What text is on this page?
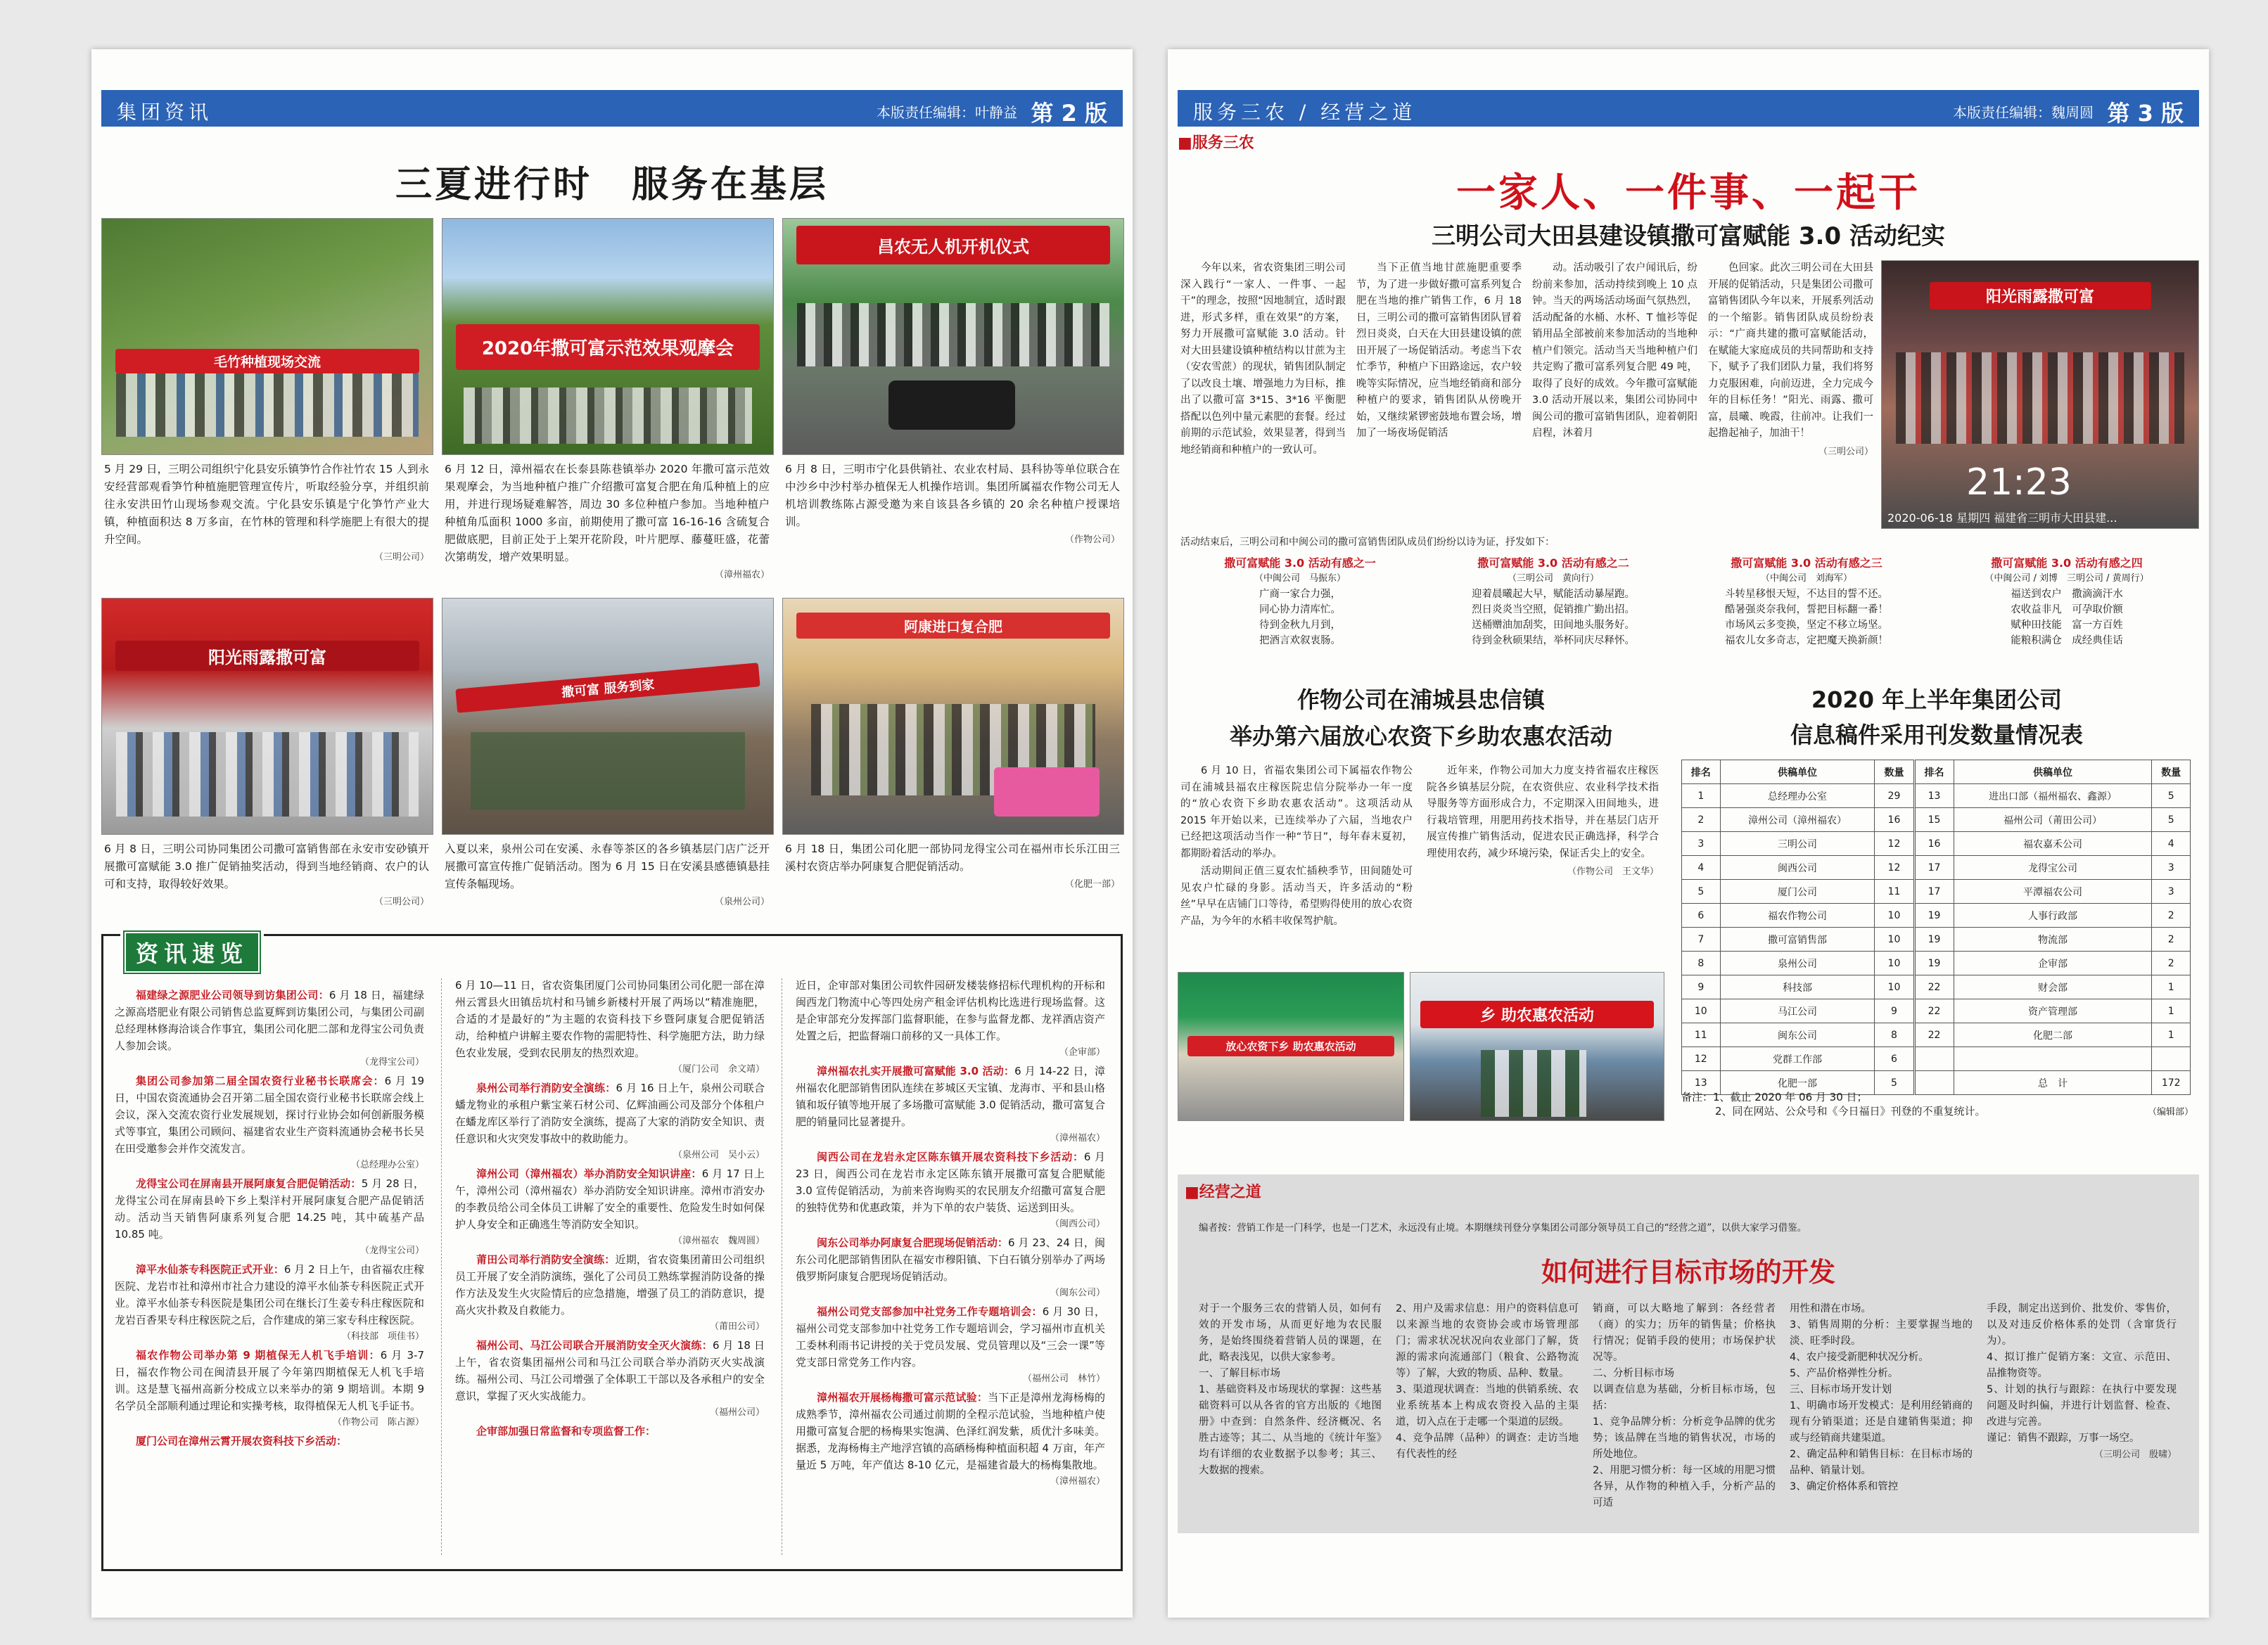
集团资讯	本版责任编辑：叶静益 第 2 版
三夏进行时　服务在基层
毛竹种植现场交流
2020年撒可富示范效果观摩会
昌农无人机开机仪式
5 月 29 日，三明公司组织宁化县安乐镇笋竹合作社竹农 15 人到永安经营部观看笋竹种植施肥管理宣传片，听取经验分享，并组织前往永安洪田竹山现场参观交流。宁化县安乐镇是宁化笋竹产业大镇，种植面积达 8 万多亩，在竹林的管理和科学施肥上有很大的提升空间。
（三明公司）
6 月 12 日，漳州福农在长泰县陈巷镇举办 2020 年撒可富示范效果观摩会，为当地种植户推广介绍撒可富复合肥在角瓜种植上的应用，并进行现场疑难解答，周边 30 多位种植户参加。当地种植户种植角瓜面积 1000 多亩，前期使用了撒可富 16-16-16 含硫复合肥做底肥，目前正处于上架开花阶段，叶片肥厚、藤蔓旺盛，花蕾次第萌发，增产效果明显。
（漳州福农）
6 月 8 日，三明市宁化县供销社、农业农村局、县科协等单位联合在中沙乡中沙村举办植保无人机操作培训。集团所属福农作物公司无人机培训教练陈占源受邀为来自该县各乡镇的 20 余名种植户授课培训。
（作物公司）
阳光雨露撒可富
撒可富 服务到家
阿康进口复合肥
6 月 8 日，三明公司协同集团公司撒可富销售部在永安市安砂镇开展撒可富赋能 3.0 推广促销抽奖活动，得到当地经销商、农户的认可和支持，取得较好效果。
（三明公司）
入夏以来，泉州公司在安溪、永春等茶区的各乡镇基层门店广泛开展撒可富宣传推广促销活动。图为 6 月 15 日在安溪县感德镇悬挂宣传条幅现场。
（泉州公司）
6 月 18 日，集团公司化肥一部协同龙得宝公司在福州市长乐江田三溪村农资店举办阿康复合肥促销活动。
（化肥一部）
资讯速览

福建绿之源肥业公司领导到访集团公司：6 月 18 日，福建绿之源高塔肥业有限公司销售总监夏辉到访集团公司，与集团公司副总经理林修海洽谈合作事宜，集团公司化肥二部和龙得宝公司负责人参加会谈。
（龙得宝公司）

集团公司参加第二届全国农资行业秘书长联席会：6 月 19 日，中国农资流通协会召开第二届全国农资行业秘书长联席会线上会议，深入交流农资行业发展规划，探讨行业协会如何创新服务模式等事宜，集团公司顾问、福建省农业生产资料流通协会秘书长吴在田受邀参会并作交流发言。
（总经理办公室）

龙得宝公司在屏南县开展阿康复合肥促销活动：5 月 28 日，龙得宝公司在屏南县岭下乡上梨洋村开展阿康复合肥产品促销活动。活动当天销售阿康系列复合肥 14.25 吨，其中硫基产品 10.85 吨。
（龙得宝公司）

漳平水仙茶专科医院正式开业：6 月 2 日上午，由省福农庄稼医院、龙岩市社和漳州市社合力建设的漳平水仙茶专科医院正式开业。漳平水仙茶专科医院是集团公司在继长汀生姜专科庄稼医院和龙岩百香果专科庄稼医院之后，合作建成的第三家专科庄稼医院。
（科技部　项佳书）

福农作物公司举办第 9 期植保无人机飞手培训：6 月 3-7 日，福农作物公司在闽清县开展了今年第四期植保无人机飞手培训。这是慧飞福州高新分校成立以来举办的第 9 期培训。本期 9 名学员全部顺利通过理论和实操考核，取得植保无人机飞手证书。
（作物公司　陈占源）

厦门公司在漳州云霄开展农资科技下乡活动：

6 月 10—11 日，省农资集团厦门公司协同集团公司化肥一部在漳州云霄县火田镇岳坑村和马铺乡新楼村开展了两场以“精准施肥，合适的才是最好的”为主题的农资科技下乡暨阿康复合肥促销活动，给种植户讲解主要农作物的需肥特性、科学施肥方法，助力绿色农业发展，受到农民朋友的热烈欢迎。
（厦门公司　余文靖）

泉州公司举行消防安全演练：6 月 16 日上午，泉州公司联合蟠龙物业的承租户紫宝莱石材公司、亿辉油画公司及部分个体租户在蟠龙库区举行了消防安全演练，提高了大家的消防安全知识、责任意识和火灾突发事故中的救助能力。
（泉州公司　吴小云）

漳州公司（漳州福农）举办消防安全知识讲座：6 月 17 日上午，漳州公司（漳州福农）举办消防安全知识讲座。漳州市消安办的李教员给公司全体员工讲解了安全的重要性、危险发生时如何保护人身安全和正确逃生等消防安全知识。
（漳州福农　魏周圆）

莆田公司举行消防安全演练：近期，省农资集团莆田公司组织员工开展了安全消防演练，强化了公司员工熟练掌握消防设备的操作方法及发生火灾险情后的应急措施，增强了员工的消防意识，提高火灾扑救及自救能力。
（莆田公司）

福州公司、马江公司联合开展消防安全灭火演练：6 月 18 日上午，省农资集团福州公司和马江公司联合举办消防灭火实战演练。福州公司、马江公司增强了全体职工干部以及各承租户的安全意识，掌握了灭火实战能力。
（福州公司）

企审部加强日常监督和专项监督工作：

近日，企审部对集团公司软件园研发楼装修招标代理机构的开标和闽西龙门物流中心等四处房产租金评估机构比选进行现场监督。这是企审部充分发挥部门监督职能，在参与监督龙都、龙祥酒店资产处置之后，把监督端口前移的又一具体工作。
（企审部）

漳州福农扎实开展撒可富赋能 3.0 活动：6 月 14-22 日，漳州福农化肥部销售团队连续在芗城区天宝镇、龙海市、平和县山格镇和坂仔镇等地开展了多场撒可富赋能 3.0 促销活动，撒可富复合肥的销量同比显著提升。
（漳州福农）

闽西公司在龙岩永定区陈东镇开展农资科技下乡活动：6 月 23 日，闽西公司在龙岩市永定区陈东镇开展撒可富复合肥赋能 3.0 宣传促销活动，为前来咨询购买的农民朋友介绍撒可富复合肥的独特优势和优惠政策，并为下单的农户装货、运送到田头。
（闽西公司）

闽东公司举办阿康复合肥现场促销活动：6 月 23、24 日，闽东公司化肥部销售团队在福安市穆阳镇、下白石镇分别举办了两场俄罗斯阿康复合肥现场促销活动。
（闽东公司）

福州公司党支部参加中社党务工作专题培训会：6 月 30 日，福州公司党支部参加中社党务工作专题培训会，学习福州市直机关工委林利雨书记讲授的关于党员发展、党员管理以及“三会一课”等党支部日常党务工作内容。
（福州公司　林竹）

漳州福农开展杨梅撒可富示范试验：当下正是漳州龙海杨梅的成熟季节，漳州福农公司通过前期的全程示范试验，当地种植户使用撒可富复合肥的杨梅果实饱满、色泽红润发紫，质优汁多味美。据悉，龙海杨梅主产地浮宫镇的高硒杨梅种植面积超 4 万亩，年产量近 5 万吨，年产值达 8-10 亿元，是福建省最大的杨梅集散地。
（漳州福农）

服务三农 / 经营之道	本版责任编辑：魏周圆 第 3 版
■服务三农
一家人、一件事、一起干
三明公司大田县建设镇撒可富赋能 3.0 活动纪实

今年以来，省农资集团三明公司深入践行“一家人、一件事、一起干”的理念，按照“因地制宜，适时跟进，形式多样，重在效果”的方案，努力开展撒可富赋能 3.0 活动。针对大田县建设镇种植结构以甘蔗为主（安农雪蔗）的现状，销售团队制定了以改良土壤、增强地力为目标，推出了以撒可富 3*15、3*16 平衡肥搭配以色列中量元素肥的套餐。经过前期的示范试验，效果显著，得到当地经销商和种植户的一致认可。

当下正值当地甘蔗施肥重要季节，为了进一步做好撒可富系列复合肥在当地的推广销售工作，6 月 18 日，三明公司的撒可富销售团队冒着烈日炎炎，白天在大田县建设镇的蔗田开展了一场促销活动。考虑当下农忙季节，种植户下田路途远，农户较晚等实际情况，应当地经销商和部分种植户的要求，销售团队从傍晚开始，又继续紧锣密鼓地布置会场，增加了一场夜场促销活

动。活动吸引了农户闻讯后，纷纷前来参加，活动持续到晚上 10 点钟。当天的两场活动场面气氛热烈，活动配备的水桶、水杯、T 恤衫等促销用品全部被前来参加活动的当地种植户们领完。活动当天当地种植户们共定购了撒可富系列复合肥 49 吨，取得了良好的成效。今年撒可富赋能 3.0 活动开展以来，集团公司协同中闽公司的撒可富销售团队，迎着朝阳启程，沐着月

色回家。此次三明公司在大田县开展的促销活动，只是集团公司撒可富销售团队今年以来，开展系列活动的一个缩影。销售团队成员纷纷表示：“广商共建的撒可富赋能活动，在赋能大家庭成员的共同帮助和支持下，赋予了我们团队力量，我们将努力克服困难，向前迈进，全力完成今年的目标任务！”阳光、雨露、撒可富，晨曦、晚霞，往前冲。让我们一起撸起袖子，加油干！

（三明公司）
阳光雨露撒可富
21:23
2020-06-18 星期四 福建省三明市大田县建...
活动结束后，三明公司和中闽公司的撒可富销售团队成员们纷纷以诗为证，抒发如下：
撒可富赋能 3.0 活动有感之一
（中闽公司　马振东）
广商一家合力强，
同心协力清库忙。
待到金秋九月到，
把酒言欢叙衷肠。
撒可富赋能 3.0 活动有感之二
（三明公司　黄向行）
迎着晨曦起大早，赋能活动暴屋跑。
烈日炎炎当空照，促销推广勤出招。
送桶赠油加刮奖，田间地头服务好。
待到金秋硕果结，举杯同庆尽释怀。
撒可富赋能 3.0 活动有感之三
（中闽公司　刘海军）
斗转星移恨天短，不达目的誓不还。
酷暑强炎奈我何，誓把目标翻一番！
市场风云多变换，坚定不移立场坚。
福农儿女多奇志，定把魔天换新颜！
撒可富赋能 3.0 活动有感之四
（中闽公司 / 刘博　三明公司 / 黄周行）
福送到农户　撒滴滴汗水
农收益非凡　可孕取价额
赋种田技能　富一方百姓
能粮积满仓　成经典佳话
作物公司在浦城县忠信镇
举办第六届放心农资下乡助农惠农活动

6 月 10 日，省福农集团公司下属福农作物公司在浦城县福农庄稼医院忠信分院举办一年一度的“放心农资下乡助农惠农活动”。这项活动从 2015 年开始以来，已连续举办了六届，当地农户已经把这项活动当作一种“节日”，每年春末夏初，都期盼着活动的举办。

活动期间正值三夏农忙插秧季节，田间随处可见农户忙碌的身影。活动当天，许多活动的“粉丝”早早在店铺门口等待，希望购得使用的放心农资产品，为今年的水稻丰收保驾护航。

近年来，作物公司加大力度支持省福农庄稼医院各乡镇基层分院，在农资供应、农业科学技术指导服务等方面形成合力，不定期深入田间地头，进行栽培管理，用肥用药技术指导，并在基层门店开展宣传推广销售活动，促进农民正确选择，科学合理使用农药，减少环境污染，保证舌尖上的安全。

（作物公司　王文华）
放心农资下乡 助农惠农活动
乡 助农惠农活动
2020 年上半年集团公司
信息稿件采用刊发数量情况表
排名	供稿单位	数量	排名	供稿单位	数量
1	总经理办公室	29	13	进出口部（福州福农、鑫源）	5
2	漳州公司（漳州福农）	16	15	福州公司（莆田公司）	5
3	三明公司	12	16	福农嘉禾公司	4
4	闽西公司	12	17	龙得宝公司	3
5	厦门公司	11	17	平潭福农公司	3
6	福农作物公司	10	19	人事行政部	2
7	撒可富销售部	10	19	物流部	2
8	泉州公司	10	19	企审部	2
9	科技部	10	22	财会部	1
10	马江公司	9	22	资产管理部	1
11	闽东公司	8	22	化肥二部	1
12	党群工作部	6			
13	化肥一部	5		总　计	172
备注：1、截止 2020 年 06 月 30 日；
2、同在网站、公众号和《今日福日》刊登的不重复统计。	（编辑部）
■经营之道
编者按：营销工作是一门科学，也是一门艺术，永远没有止境。本期继续刊登分享集团公司部分领导员工自己的“经营之道”，以供大家学习借鉴。
如何进行目标市场的开发
对于一个服务三农的营销人员，如何有效的开发市场，从而更好地为农民服务，是始终围绕着营销人员的课题，在此，略表浅见，以供大家参考。
一、了解目标市场
1、基础资料及市场现状的掌握：这些基础资料可以从各省的官方出版的《地图册》中查到：自然条件、经济概况、名胜古迹等；其二、从当地的《统计年鉴》均有详细的农业数据予以参考；其三、大数据的搜索。
2、用户及需求信息：用户的资料信息可以来源当地的农资协会或市场管理部门；需求状况状况向农业部门了解，货源的需求向流通部门（粮食、公路物流等）了解，大致的物质、品种、数量。
3、渠道现状调查：当地的供销系统、农业系统基本上构成农资投入品的主渠道，切入点在于走哪一个渠道的层级。
4、竞争品牌（品种）的调查：走访当地有代表性的经
销商，可以大略地了解到：各经营者（商）的实力；历年的销售量；价格执行情况；促销手段的使用；市场保护状况等。
二、分析目标市场
以调查信息为基础，分析目标市场，包括：
1、竞争品牌分析：分析竞争品牌的优劣势；该品牌在当地的销售状况，市场的所处地位。
2、用肥习惯分析：每一区域的用肥习惯各异，从作物的种植入手，分析产品的可适
用性和潜在市场。
3、销售周期的分析：主要掌握当地的淡、旺季时段。
4、农户接受新肥种状况分析。
5、产品价格弹性分析。
三、目标市场开发计划
1、明确市场开发模式：是利用经销商的现有分销渠道；还是自建销售渠道；抑或与经销商共建渠道。
2、确定品种和销售目标：在目标市场的品种、销量计划。
3、确定价格体系和管控
手段，制定出送到价、批发价、零售价，以及对违反价格体系的处罚（含窜货行为）。
4、拟订推广促销方案：文宣、示范田、品推物资等。
5、计划的执行与跟踪：在执行中要发现问题及时纠偏，并进行计划监督、检查、改进与完善。
谨记：销售不跟踪，万事一场空。
（三明公司　殷啸）
